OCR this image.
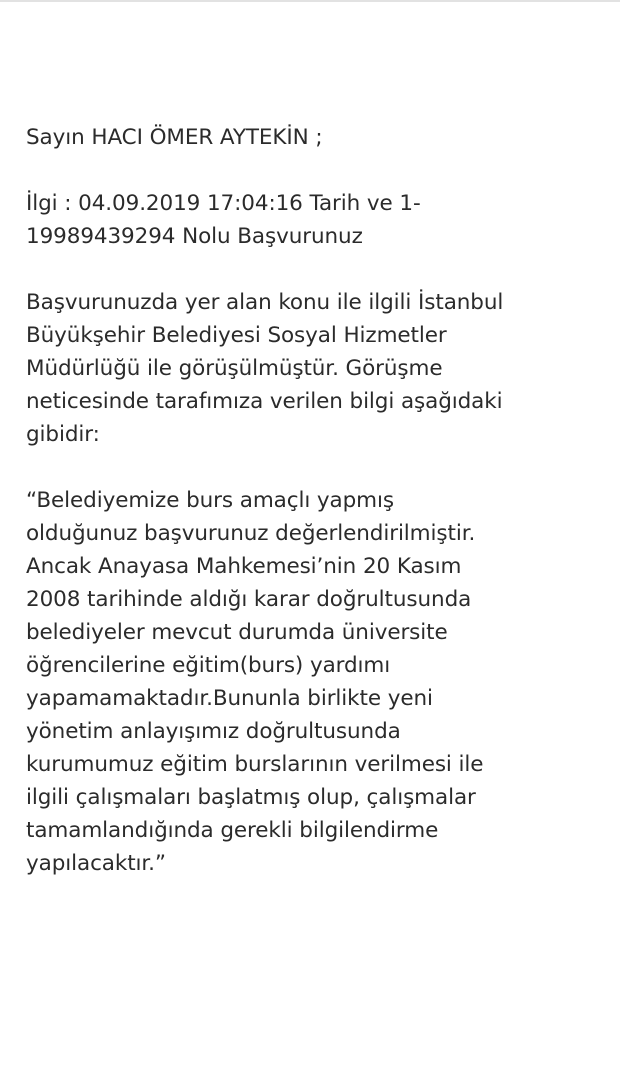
Sayın HACI ÖMER AYTEKİN ;
İlgi : 04.09.2019 17:04:16 Tarih ve 1-
19989439294 Nolu Başvurunuz
Başvurunuzda yer alan konu ile ilgili İstanbul
Büyükşehir Belediyesi Sosyal Hizmetler
Müdürlüğü ile görüşülmüştür. Görüşme
neticesinde tarafımıza verilen bilgi aşağıdaki
gibidir:
“Belediyemize burs amaçlı yapmış
olduğunuz başvurunuz değerlendirilmiştir.
Ancak Anayasa Mahkemesi’nin 20 Kasım
2008 tarihinde aldığı karar doğrultusunda
belediyeler mevcut durumda üniversite
öğrencilerine eğitim(burs) yardımı
yapamamaktadır.Bununla birlikte yeni
yönetim anlayışımız doğrultusunda
kurumumuz eğitim burslarının verilmesi ile
ilgili çalışmaları başlatmış olup, çalışmalar
tamamlandığında gerekli bilgilendirme
yapılacaktır.”
